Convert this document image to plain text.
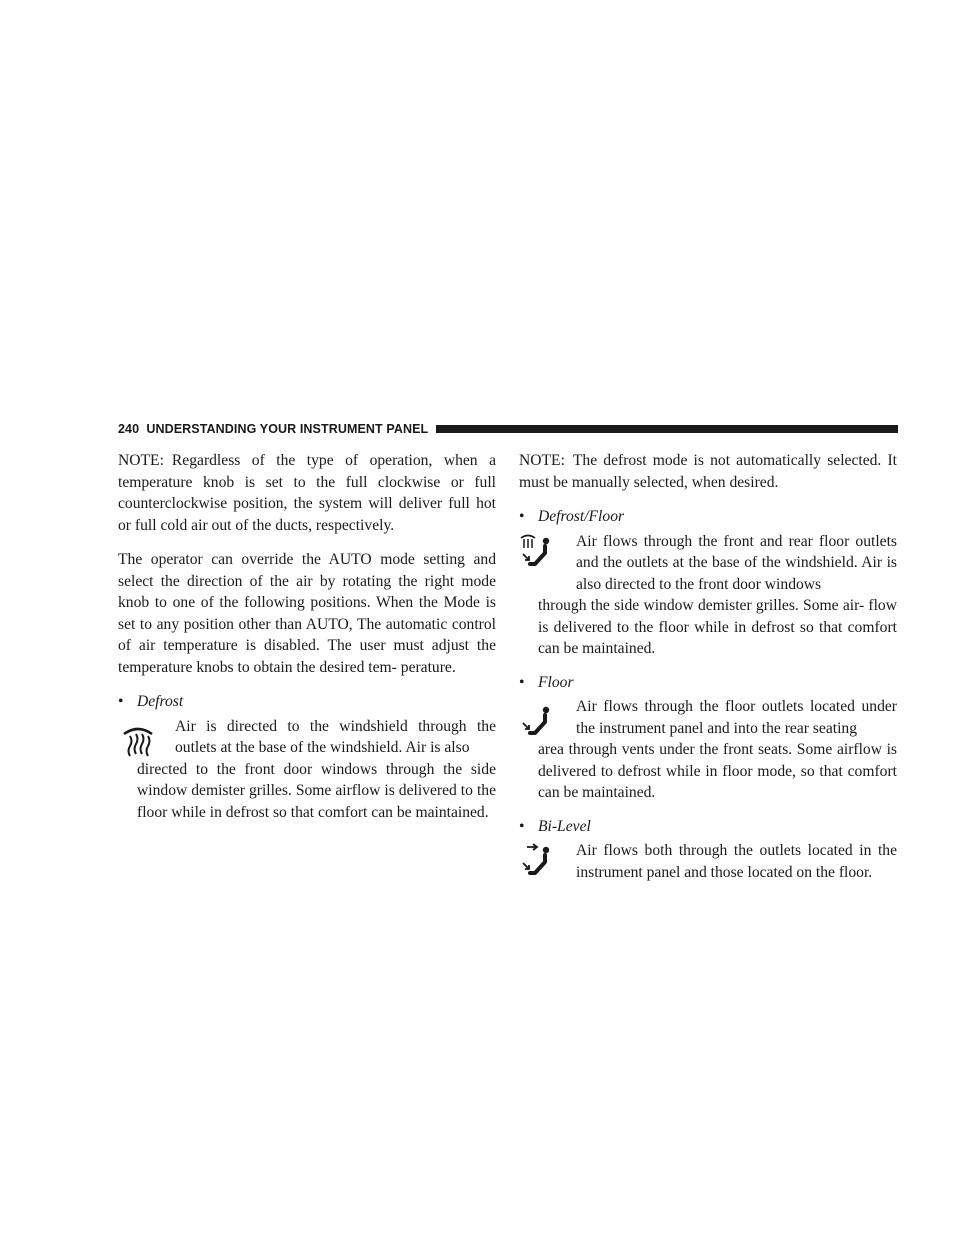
240 UNDERSTANDING YOUR INSTRUMENT PANEL

NOTE: Regardless of the type of operation, when a temperature knob is set to the full clockwise or full counterclockwise position, the system will deliver full hot or full cold air out of the ducts, respectively.

The operator can override the AUTO mode setting and select the direction of the air by rotating the right mode knob to one of the following positions. When the Mode is set to any position other than AUTO, The automatic control of air temperature is disabled. The user must adjust the temperature knobs to obtain the desired tem- perature.

• Defrost
Air is directed to the windshield through the outlets at the base of the windshield. Air is also
directed to the front door windows through the side window demister grilles. Some airflow is delivered to the floor while in defrost so that comfort can be maintained.

NOTE: The defrost mode is not automatically selected. It must be manually selected, when desired.

• Defrost/Floor
Air flows through the front and rear floor outlets and the outlets at the base of the windshield. Air is also directed to the front door windows
through the side window demister grilles. Some air- flow is delivered to the floor while in defrost so that comfort can be maintained.
• Floor
Air flows through the floor outlets located under the instrument panel and into the rear seating
area through vents under the front seats. Some airflow is delivered to defrost while in floor mode, so that comfort can be maintained.
• Bi-Level
Air flows both through the outlets located in the instrument panel and those located on the floor.
